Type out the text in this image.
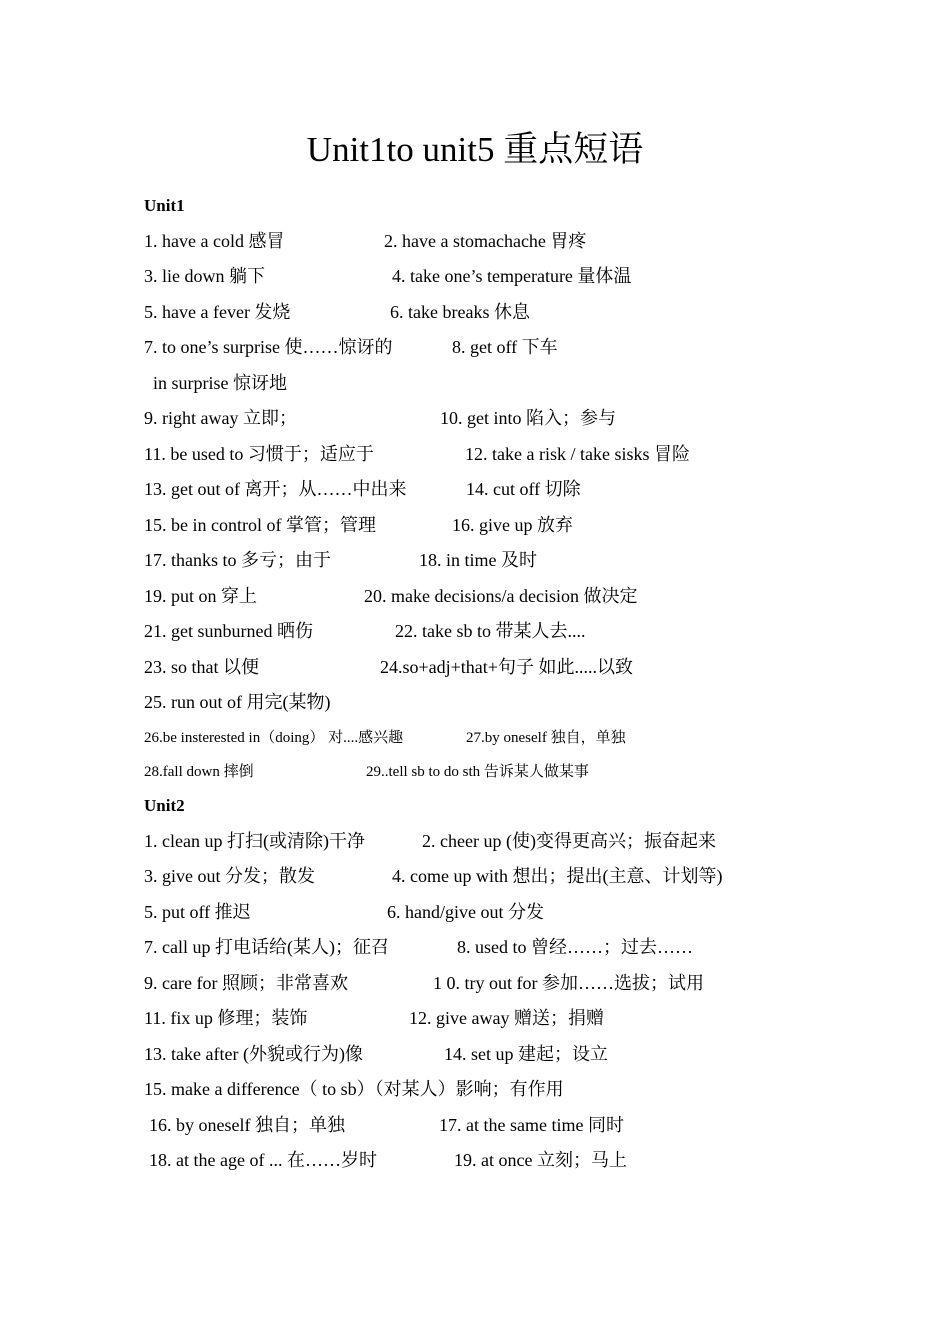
Unit1to unit5 重点短语
Unit1
1. have a cold 感冒	2. have a stomachache 胃疼
3. lie down 躺下	4. take one’s temperature 量体温
5. have a fever 发烧	6. take breaks 休息
7. to one’s surprise 使……惊讶的	8. get off 下车
in surprise 惊讶地
9. right away 立即；	10. get into 陷入；参与
11. be used to 习惯于；适应于	12. take a risk / take sisks 冒险
13. get out of 离开；从……中出来	14. cut off 切除
15. be in control of 掌管；管理	16. give up 放弃
17. thanks to 多亏；由于	18. in time 及时
19. put on 穿上	20. make decisions/a decision 做决定
21. get sunburned 晒伤	22. take sb to 带某人去....
23. so that 以便	24.so+adj+that+句子 如此.....以致
25. run out of 用完(某物)
26.be insterested in（doing） 对....感兴趣	27.by oneself 独自，单独
28.fall down 摔倒	29..tell sb to do sth 告诉某人做某事
Unit2
1. clean up 打扫(或清除)干净	2. cheer up (使)变得更高兴；振奋起来
3. give out 分发；散发	4. come up with 想出；提出(主意、计划等)
5. put off 推迟	6. hand/give out 分发
7. call up 打电话给(某人)；征召	8. used to 曾经……；过去……
9. care for 照顾；非常喜欢	1 0. try out for 参加……选拔；试用
11. fix up 修理；装饰	12. give away 赠送；捐赠
13. take after (外貌或行为)像	14. set up 建起；设立
15. make a difference（ to sb）（对某人）影响；有作用
16. by oneself 独自；单独	17. at the same time 同时
18. at the age of ... 在……岁时	19. at once 立刻；马上
